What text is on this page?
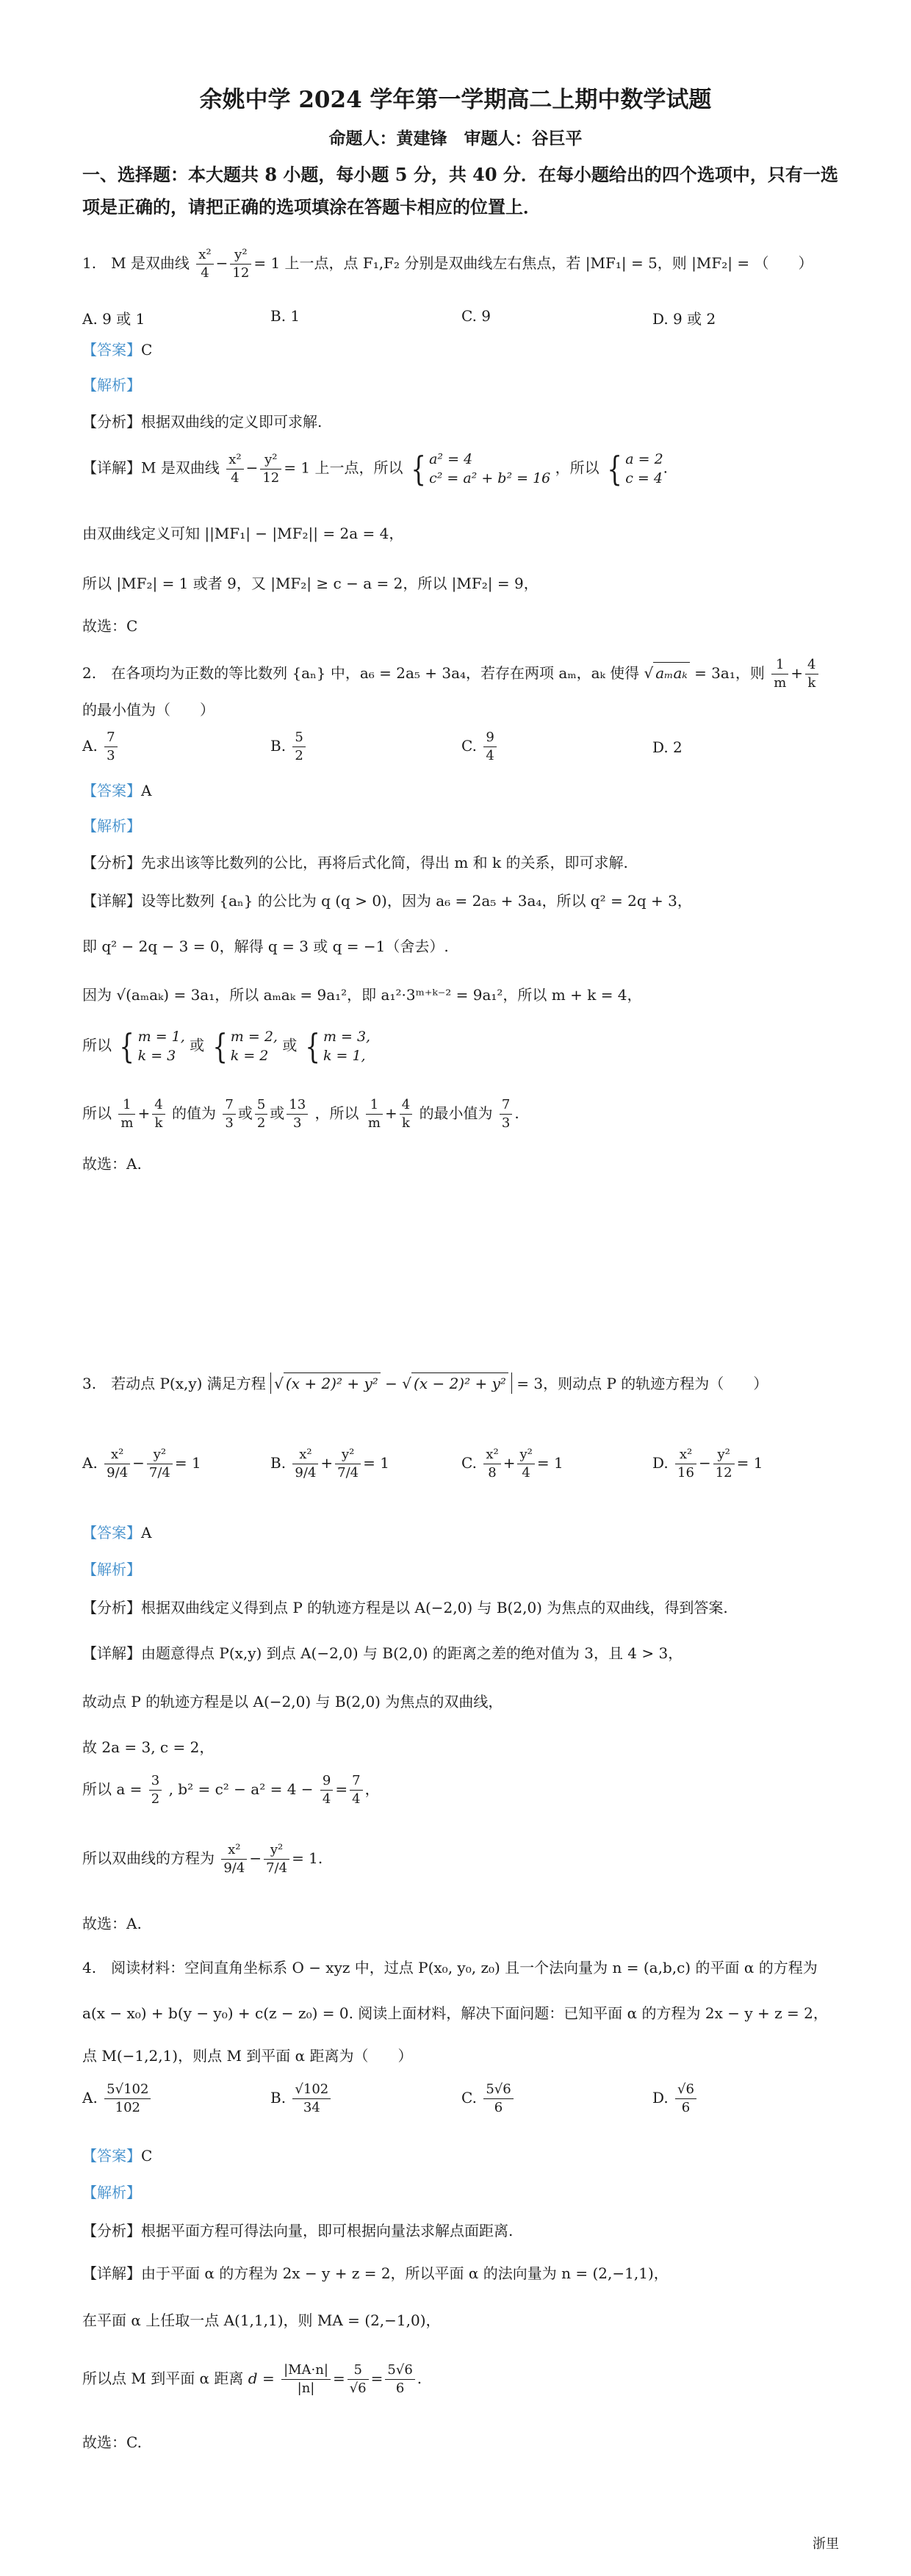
余姚中学 2024 学年第一学期高二上期中数学试题
命题人：黄建锋　审题人：谷巨平
一、选择题：本大题共 8 小题，每小题 5 分，共 40 分．在每小题给出的四个选项中，只有一选
项是正确的，请把正确的选项填涂在答题卡相应的位置上．
1.　M 是双曲线 $\frac{\text{x²}}{4} - \frac{\text{y²}}{12} = 1$ 上一点，点 F₁,F₂ 分别是双曲线左右焦点，若 |MF₁| = 5，则 |MF₂| = （　　）
A. 9 或 1	B. 1	C. 9	D. 9 或 2
【答案】C
【解析】
【分析】根据双曲线的定义即可求解.
【详解】M 是双曲线 $\frac{\text{x²}}{4} - \frac{\text{y²}}{12} = 1$ 上一点，所以 { a² = 4
c² = a² + b² = 16 ，所以 { a = 2
c = 4.
由双曲线定义可知 ||MF₁| − |MF₂|| = 2a = 4，
所以 |MF₂| = 1 或者 9，又 |MF₂| ≥ c − a = 2，所以 |MF₂| = 9，
故选：C
2.　在各项均为正数的等比数列 {aₙ} 中，a₆ = 2a₅ + 3a₄，若存在两项 aₘ，aₖ 使得 √ aₘaₖ = 3a₁，则 $\frac{1}{m} + \frac{4}{k}$
的最小值为（　　）
A. $\frac{7}{3}$	B. $\frac{5}{2}$	C. $\frac{9}{4}$	D. 2
【答案】A
【解析】
【分析】先求出该等比数列的公比，再将后式化简，得出 m 和 k 的关系，即可求解.
【详解】设等比数列 {aₙ} 的公比为 q (q > 0)，因为 a₆ = 2a₅ + 3a₄，所以 q² = 2q + 3，
即 q² − 2q − 3 = 0，解得 q = 3 或 q = −1（舍去）.
因为 √(aₘaₖ) = 3a₁，所以 aₘaₖ = 9a₁²，即 a₁²·3ᵐ⁺ᵏ⁻² = 9a₁²，所以 m + k = 4，
所以 { m = 1,
k = 3 或 { m = 2,
k = 2 或 { m = 3,
k = 1,
所以 $\frac{1}{m} + \frac{4}{k}$ 的值为 $\frac{7}{3}$ 或 $\frac{5}{2}$ 或 $\frac{13}{3}$ ，所以 $\frac{1}{m} + \frac{4}{k}$ 的最小值为 $\frac{7}{3}$ .
故选：A.
3.　若动点 P(x,y) 满足方程 √ (x + 2)² + y² − √ (x − 2)² + y² = 3，则动点 P 的轨迹方程为（　　）
A. $\frac{\text{x²}}{9/4} - \frac{\text{y²}}{7/4} = 1$	B. $\frac{\text{x²}}{9/4} + \frac{\text{y²}}{7/4} = 1$	C. $\frac{\text{x²}}{8} + \frac{\text{y²}}{4} = 1$	D. $\frac{\text{x²}}{16} - \frac{\text{y²}}{12} = 1$
【答案】A
【解析】
【分析】根据双曲线定义得到点 P 的轨迹方程是以 A(−2,0) 与 B(2,0) 为焦点的双曲线，得到答案.
【详解】由题意得点 P(x,y) 到点 A(−2,0) 与 B(2,0) 的距离之差的绝对值为 3，且 4 > 3，
故动点 P 的轨迹方程是以 A(−2,0) 与 B(2,0) 为焦点的双曲线，
故 2a = 3, c = 2，
所以 $a = \frac{3}{2}$ , $b^2 = c^2 - a^2 = 4 - \frac{9}{4} = \frac{7}{4}$ ，
所以双曲线的方程为 $\frac{\text{x²}}{9/4} - \frac{\text{y²}}{7/4} = 1$.
故选：A.
4.　阅读材料：空间直角坐标系 O − xyz 中，过点 P(x₀, y₀, z₀) 且一个法向量为 n = (a,b,c) 的平面 α 的方程为
a(x − x₀) + b(y − y₀) + c(z − z₀) = 0. 阅读上面材料，解决下面问题：已知平面 α 的方程为 2x − y + z = 2，
点 M(−1,2,1)，则点 M 到平面 α 距离为（　　）
A. $\frac{5√102}{102}$	B. $\frac{√102}{34}$	C. $\frac{5√6}{6}$	D. $\frac{√6}{6}$
【答案】C
【解析】
【分析】根据平面方程可得法向量，即可根据向量法求解点面距离.
【详解】由于平面 α 的方程为 2x − y + z = 2，所以平面 α 的法向量为 n = (2,−1,1)，
在平面 α 上任取一点 A(1,1,1)，则 MA = (2,−1,0)，
所以点 M 到平面 α 距离 $d = \frac{|MA\cdot n|}{|n|} = \frac{5}{√6} = \frac{5√6}{6}$ .
故选：C.
浙里
